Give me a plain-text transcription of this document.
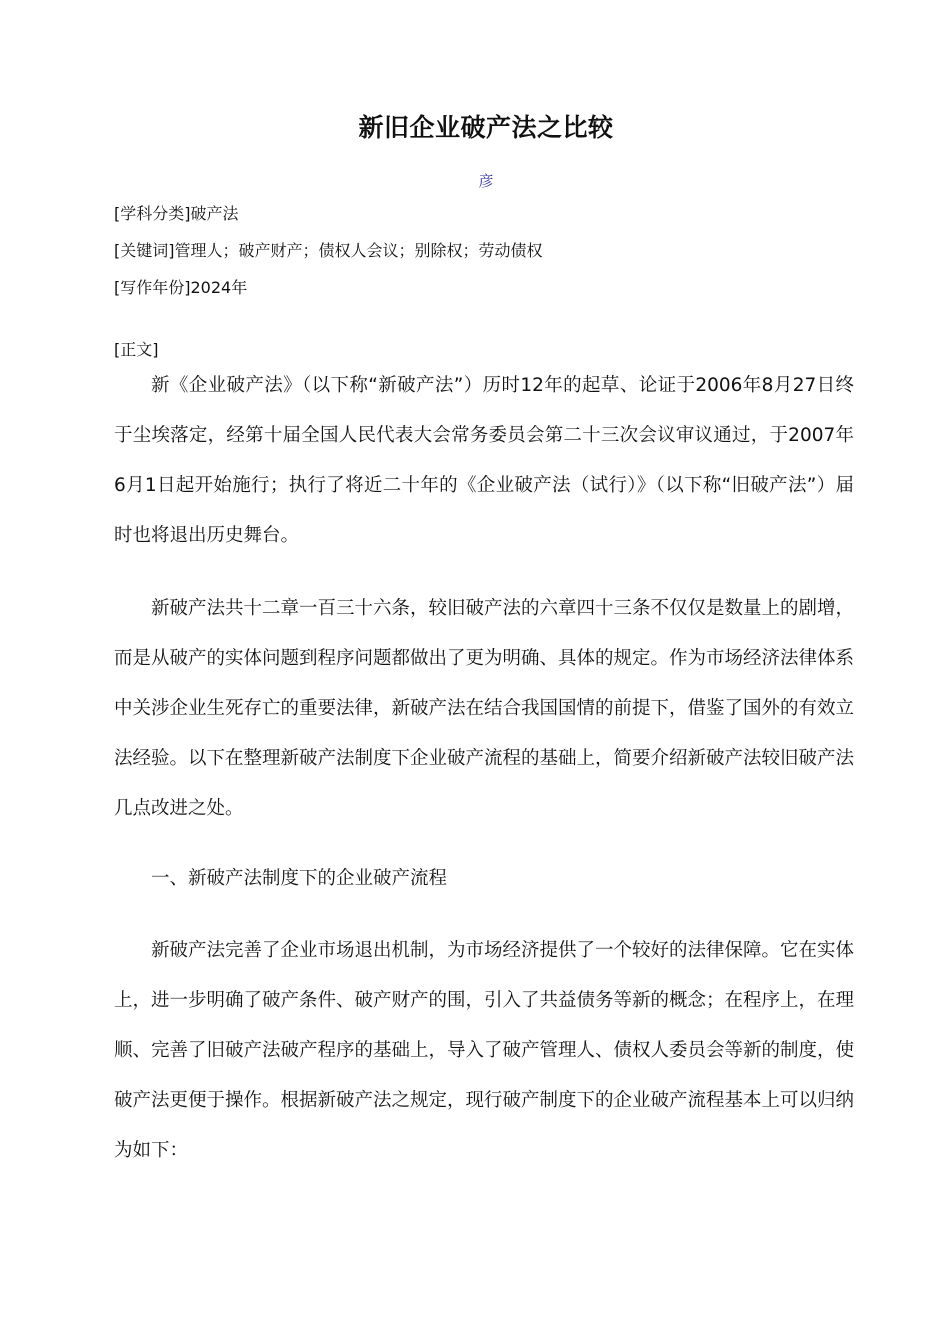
新旧企业破产法之比较
彦
[学科分类]破产法
[关键词]管理人；破产财产；债权人会议；别除权；劳动债权
[写作年份]2024年
[正文]

新《企业破产法》（以下称“新破产法”）历时12年的起草、论证于2006年8月27日终于尘埃落定，经第十届全国人民代表大会常务委员会第二十三次会议审议通过，于2007年6月1日起开始施行；执行了将近二十年的《企业破产法（试行）》（以下称“旧破产法”）届时也将退出历史舞台。

新破产法共十二章一百三十六条，较旧破产法的六章四十三条不仅仅是数量上的剧增，而是从破产的实体问题到程序问题都做出了更为明确、具体的规定。作为市场经济法律体系中关涉企业生死存亡的重要法律，新破产法在结合我国国情的前提下，借鉴了国外的有效立法经验。以下在整理新破产法制度下企业破产流程的基础上，简要介绍新破产法较旧破产法几点改进之处。

一、新破产法制度下的企业破产流程

新破产法完善了企业市场退出机制，为市场经济提供了一个较好的法律保障。它在实体上，进一步明确了破产条件、破产财产的围，引入了共益债务等新的概念；在程序上，在理顺、完善了旧破产法破产程序的基础上，导入了破产管理人、债权人委员会等新的制度，使破产法更便于操作。根据新破产法之规定，现行破产制度下的企业破产流程基本上可以归纳为如下：
